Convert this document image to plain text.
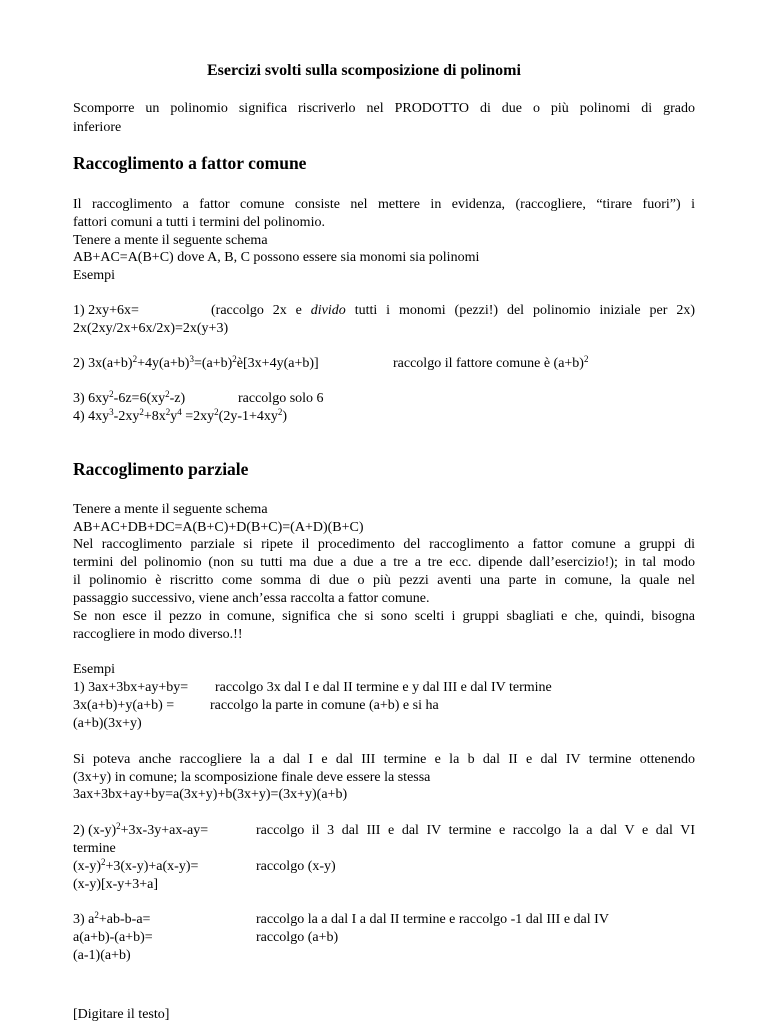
Esercizi svolti sulla scomposizione di polinomi
Scomporre un polinomio significa riscriverlo nel PRODOTTO di due o più polinomi di grado
inferiore
Raccoglimento a fattor comune
Il raccoglimento a fattor comune consiste nel mettere in evidenza, (raccogliere, “tirare fuori”) i
fattori comuni a tutti i termini del polinomio.
Tenere a mente il seguente schema
AB+AC=A(B+C) dove A, B, C possono essere sia monomi sia polinomi
Esempi
1) 2xy+6x=	(raccolgo 2x e divido tutti i monomi (pezzi!) del polinomio iniziale per 2x)
2x(2xy/2x+6x/2x)=2x(y+3)
2) $3x(a+b)^2+4y(a+b)^3=(a+b)^2è[3x+4y(a+b)]$	raccolgo il fattore comune è $(a+b)^2$
3) $6xy^2-6z=6(xy^2-z)$	raccolgo solo 6
4) $4xy^3-2xy^2+8x^2y^4 =2xy^2(2y-1+4xy^2)$
Raccoglimento parziale
Tenere a mente il seguente schema
AB+AC+DB+DC=A(B+C)+D(B+C)=(A+D)(B+C)
Nel raccoglimento parziale si ripete il procedimento del raccoglimento a fattor comune a gruppi di
termini del polinomio (non su tutti ma due a due a tre a tre ecc. dipende dall’esercizio!); in tal modo
il polinomio è riscritto come somma di due o più pezzi aventi una parte in comune, la quale nel
passaggio successivo, viene anch’essa raccolta a fattor comune.
Se non esce il pezzo in comune, significa che si sono scelti i gruppi sbagliati e che, quindi, bisogna
raccogliere in modo diverso.!!
Esempi
1) 3ax+3bx+ay+by= raccolgo 3x dal I e dal II termine e y dal III e dal IV termine
3x(a+b)+y(a+b) =	raccolgo la parte in comune (a+b) e si ha
(a+b)(3x+y)
Si poteva anche raccogliere la a dal I e dal III termine e la b dal II e dal IV termine ottenendo
(3x+y) in comune; la scomposizione finale deve essere la stessa
3ax+3bx+ay+by=a(3x+y)+b(3x+y)=(3x+y)(a+b)
2) $(x-y)^2+3x-3y+ax-ay=$	raccolgo il 3 dal III e dal IV termine e raccolgo la a dal V e dal VI
termine
$(x-y)^2+3(x-y)+a(x-y)=$	raccolgo (x-y)
(x-y)[x-y+3+a]
3) $a^2+ab-b-a=$	raccolgo la a dal I a dal II termine e raccolgo -1 dal III e dal IV
a(a+b)-(a+b)=	raccolgo (a+b)
(a-1)(a+b)
[Digitare il testo]
